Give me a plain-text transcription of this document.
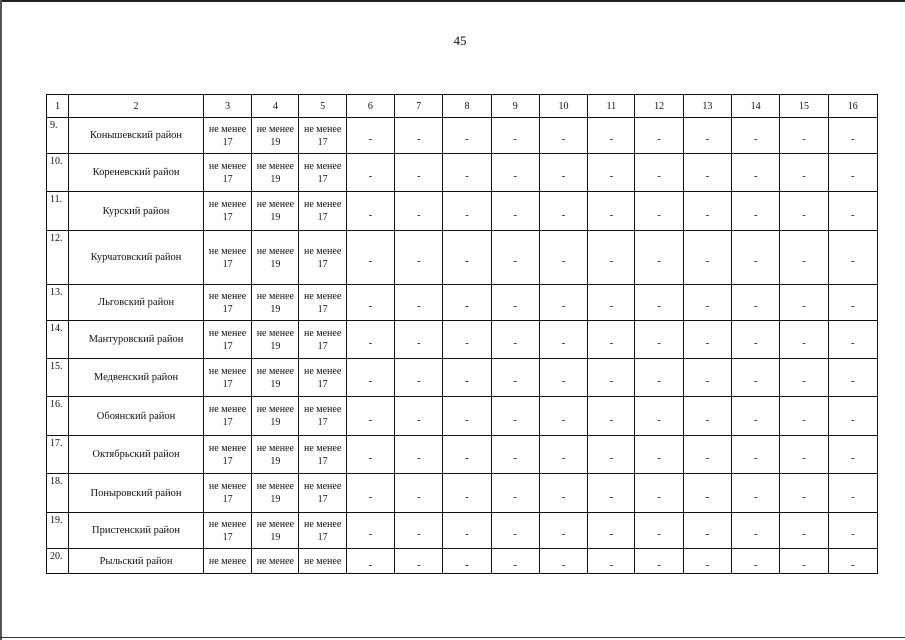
45
1	2	3	4	5	6	7	8	9	10	11	12	13	14	15	16
9.	Конышевский район	не менее 17	не менее 19	не менее 17	-	-	-	-	-	-	-	-	-	-	-
10.	Кореневский район	не менее 17	не менее 19	не менее 17	-	-	-	-	-	-	-	-	-	-	-
11.	Курский район	не менее 17	не менее 19	не менее 17	-	-	-	-	-	-	-	-	-	-	-
12.	Курчатовский район	не менее 17	не менее 19	не менее 17	-	-	-	-	-	-	-	-	-	-	-
13.	Льговский район	не менее 17	не менее 19	не менее 17	-	-	-	-	-	-	-	-	-	-	-
14.	Мантуровский район	не менее 17	не менее 19	не менее 17	-	-	-	-	-	-	-	-	-	-	-
15.	Медвенский район	не менее 17	не менее 19	не менее 17	-	-	-	-	-	-	-	-	-	-	-
16.	Обоянский район	не менее 17	не менее 19	не менее 17	-	-	-	-	-	-	-	-	-	-	-
17.	Октябрьский район	не менее 17	не менее 19	не менее 17	-	-	-	-	-	-	-	-	-	-	-
18.	Поныровский район	не менее 17	не менее 19	не менее 17	-	-	-	-	-	-	-	-	-	-	-
19.	Пристенский район	не менее 17	не менее 19	не менее 17	-	-	-	-	-	-	-	-	-	-	-
20.	Рыльский район	не менее	не менее	не менее	-	-	-	-	-	-	-	-	-	-	-
